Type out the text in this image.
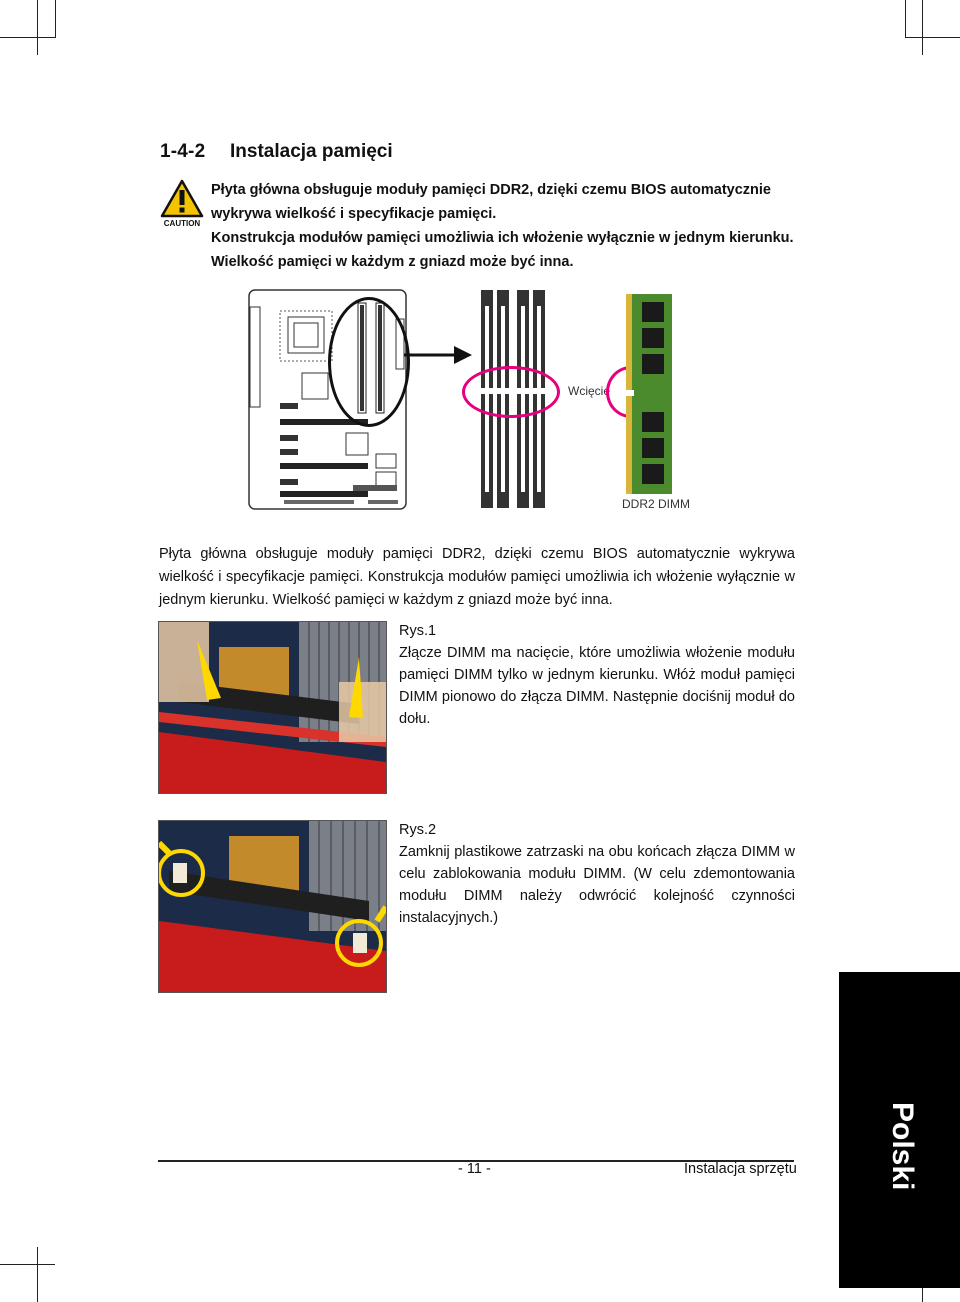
1-4-2 Instalacja pamięci
CAUTION
Płyta główna obsługuje moduły pamięci DDR2, dzięki czemu BIOS automatycznie
wykrywa wielkość i specyfikacje pamięci.
Konstrukcja modułów pamięci umożliwia ich włożenie wyłącznie w jednym kierunku.
Wielkość pamięci w każdym z gniazd może być inna.
Wcięcie
DDR2 DIMM
Płyta główna obsługuje moduły pamięci DDR2, dzięki czemu BIOS automatycznie wykrywa wielkość i specyfikacje pamięci. Konstrukcja modułów pamięci umożliwia ich włożenie wyłącznie w jednym kierunku. Wielkość pamięci w każdym z gniazd może być inna.
Rys.1
Złącze DIMM ma nacięcie, które umożliwia włożenie modułu pamięci DIMM tylko w jednym kierunku. Włóż moduł pamięci DIMM pionowo do złącza DIMM. Następnie dociśnij moduł do dołu.
Rys.2
Zamknij plastikowe zatrzaski na obu końcach złącza DIMM w celu zablokowania modułu DIMM. (W celu zdemontowania modułu DIMM należy odwrócić kolejność czynności instalacyjnych.)
- 11 -	Instalacja sprzętu	Polski
